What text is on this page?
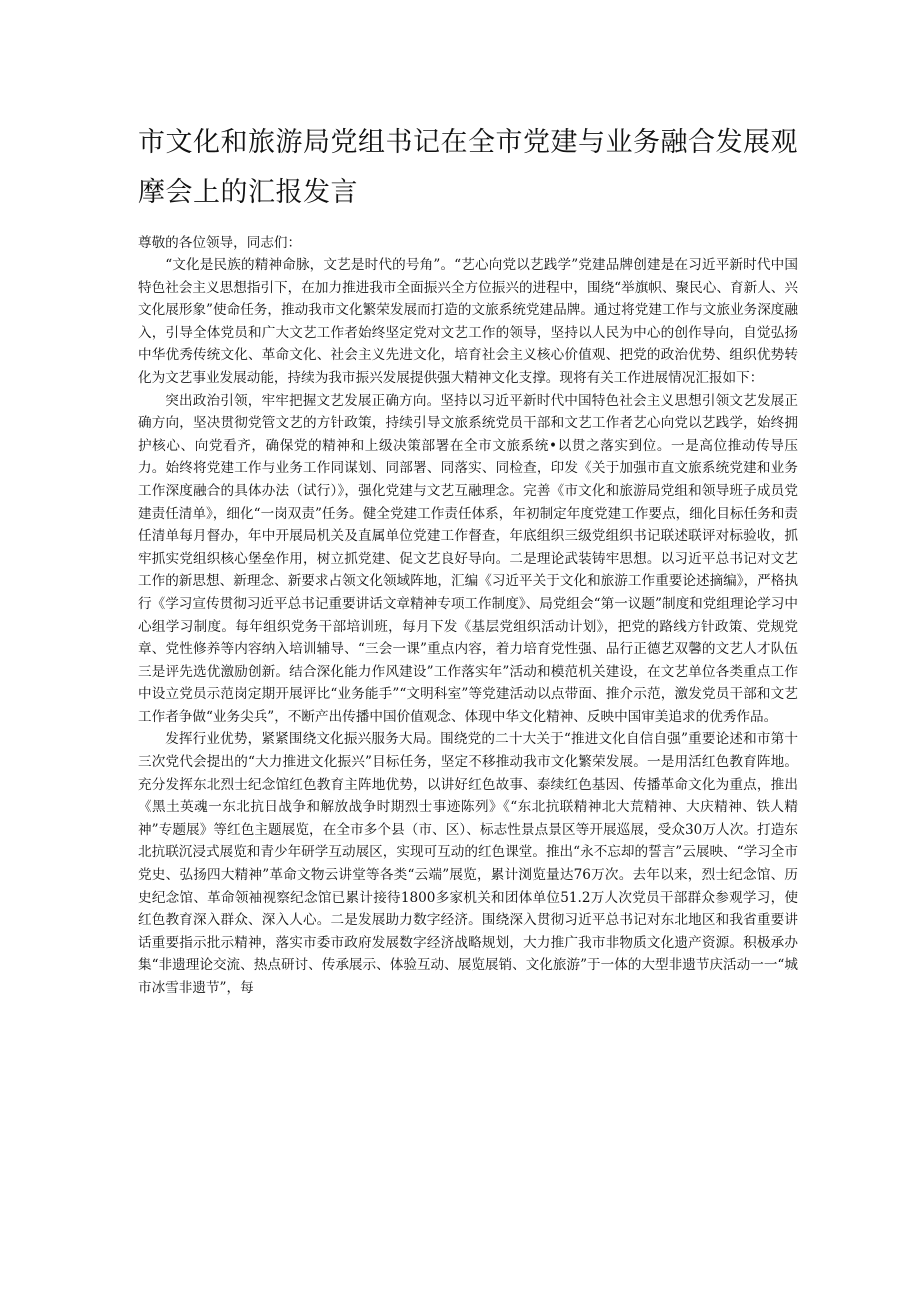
市文化和旅游局党组书记在全市党建与业务融合发展观摩会上的汇报发言

尊敬的各位领导，同志们：

“文化是民族的精神命脉，文艺是时代的号角”。“艺心向党以艺践学”党建品牌创建是在习近平新时代中国特色社会主义思想指引下，在加力推进我市全面振兴全方位振兴的进程中，围绕“举旗帜、聚民心、育新人、兴文化展形象”使命任务，推动我市文化繁荣发展而打造的文旅系统党建品牌。通过将党建工作与文旅业务深度融入，引导全体党员和广大文艺工作者始终坚定党对文艺工作的领导，坚持以人民为中心的创作导向，自觉弘扬中华优秀传统文化、革命文化、社会主义先进文化，培育社会主义核心价值观、把党的政治优势、组织优势转化为文艺事业发展动能，持续为我市振兴发展提供强大精神文化支撑。现将有关工作进展情况汇报如下：

突出政治引领，牢牢把握文艺发展正确方向。坚持以习近平新时代中国特色社会主义思想引领文艺发展正确方向，坚决贯彻党管文艺的方针政策，持续引导文旅系统党员干部和文艺工作者艺心向党以艺践学，始终拥护核心、向党看齐，确保党的精神和上级决策部署在全市文旅系统•以贯之落实到位。一是高位推动传导压力。始终将党建工作与业务工作同谋划、同部署、同落实、同检查，印发《关于加强市直文旅系统党建和业务工作深度融合的具体办法（试行）》，强化党建与文艺互融理念。完善《市文化和旅游局党组和领导班子成员党建责任清单》，细化“一岗双责”任务。健全党建工作责任体系，年初制定年度党建工作要点，细化目标任务和责任清单每月督办，年中开展局机关及直属单位党建工作督查，年底组织三级党组织书记联述联评对标验收，抓牢抓实党组织核心堡垒作用，树立抓党建、促文艺良好导向。二是理论武装铸牢思想。以习近平总书记对文艺工作的新思想、新理念、新要求占领文化领域阵地，汇编《习近平关于文化和旅游工作重要论述摘编》，严格执行《学习宣传贯彻习近平总书记重要讲话文章精神专项工作制度》、局党组会“第一议题”制度和党组理论学习中心组学习制度。每年组织党务干部培训班，每月下发《基层党组织活动计划》，把党的路线方针政策、党规党章、党性修养等内容纳入培训辅导、“三会一课”重点内容，着力培育党性强、品行正德艺双馨的文艺人才队伍三是评先选优激励创新。结合深化能力作风建设”工作落实年”活动和模范机关建设，在文艺单位各类重点工作中设立党员示范岗定期开展评比“业务能手”“文明科室”等党建活动以点带面、推介示范，激发党员干部和文艺工作者争做“业务尖兵”，不断产出传播中国价值观念、体现中华文化精神、反映中国审美追求的优秀作品。

发挥行业优势，紧紧围绕文化振兴服务大局。围绕党的二十大关于“推进文化自信自强”重要论述和市第十三次党代会提出的“大力推进文化振兴”目标任务，坚定不移推动我市文化繁荣发展。一是用活红色教育阵地。充分发挥东北烈士纪念馆红色教育主阵地优势，以讲好红色故事、泰续红色基因、传播革命文化为重点，推出《黑土英魂一东北抗日战争和解放战争时期烈士事迹陈列》《“东北抗联精神北大荒精神、大庆精神、铁人精神”专题展》等红色主题展览，在全市多个县（市、区）、标志性景点景区等开展巡展，受众30万人次。打造东北抗联沉浸式展览和青少年研学互动展区，实现可互动的红色课堂。推出“永不忘却的誓言”云展映、“学习全市党史、弘扬四大精神”革命文物云讲堂等各类“云端”展览，累计浏览量达76万次。去年以来，烈士纪念馆、历史纪念馆、革命领袖视察纪念馆已累计接待1800多家机关和团体单位51.2万人次党员干部群众参观学习，使红色教育深入群众、深入人心。二是发展助力数字经济。围绕深入贯彻习近平总书记对东北地区和我省重要讲话重要指示批示精神，落实市委市政府发展数字经济战略规划，大力推广我市非物质文化遗产资源。积极承办集“非遗理论交流、热点研讨、传承展示、体验互动、展览展销、文化旅游”于一体的大型非遗节庆活动一一“城市冰雪非遗节”，每
